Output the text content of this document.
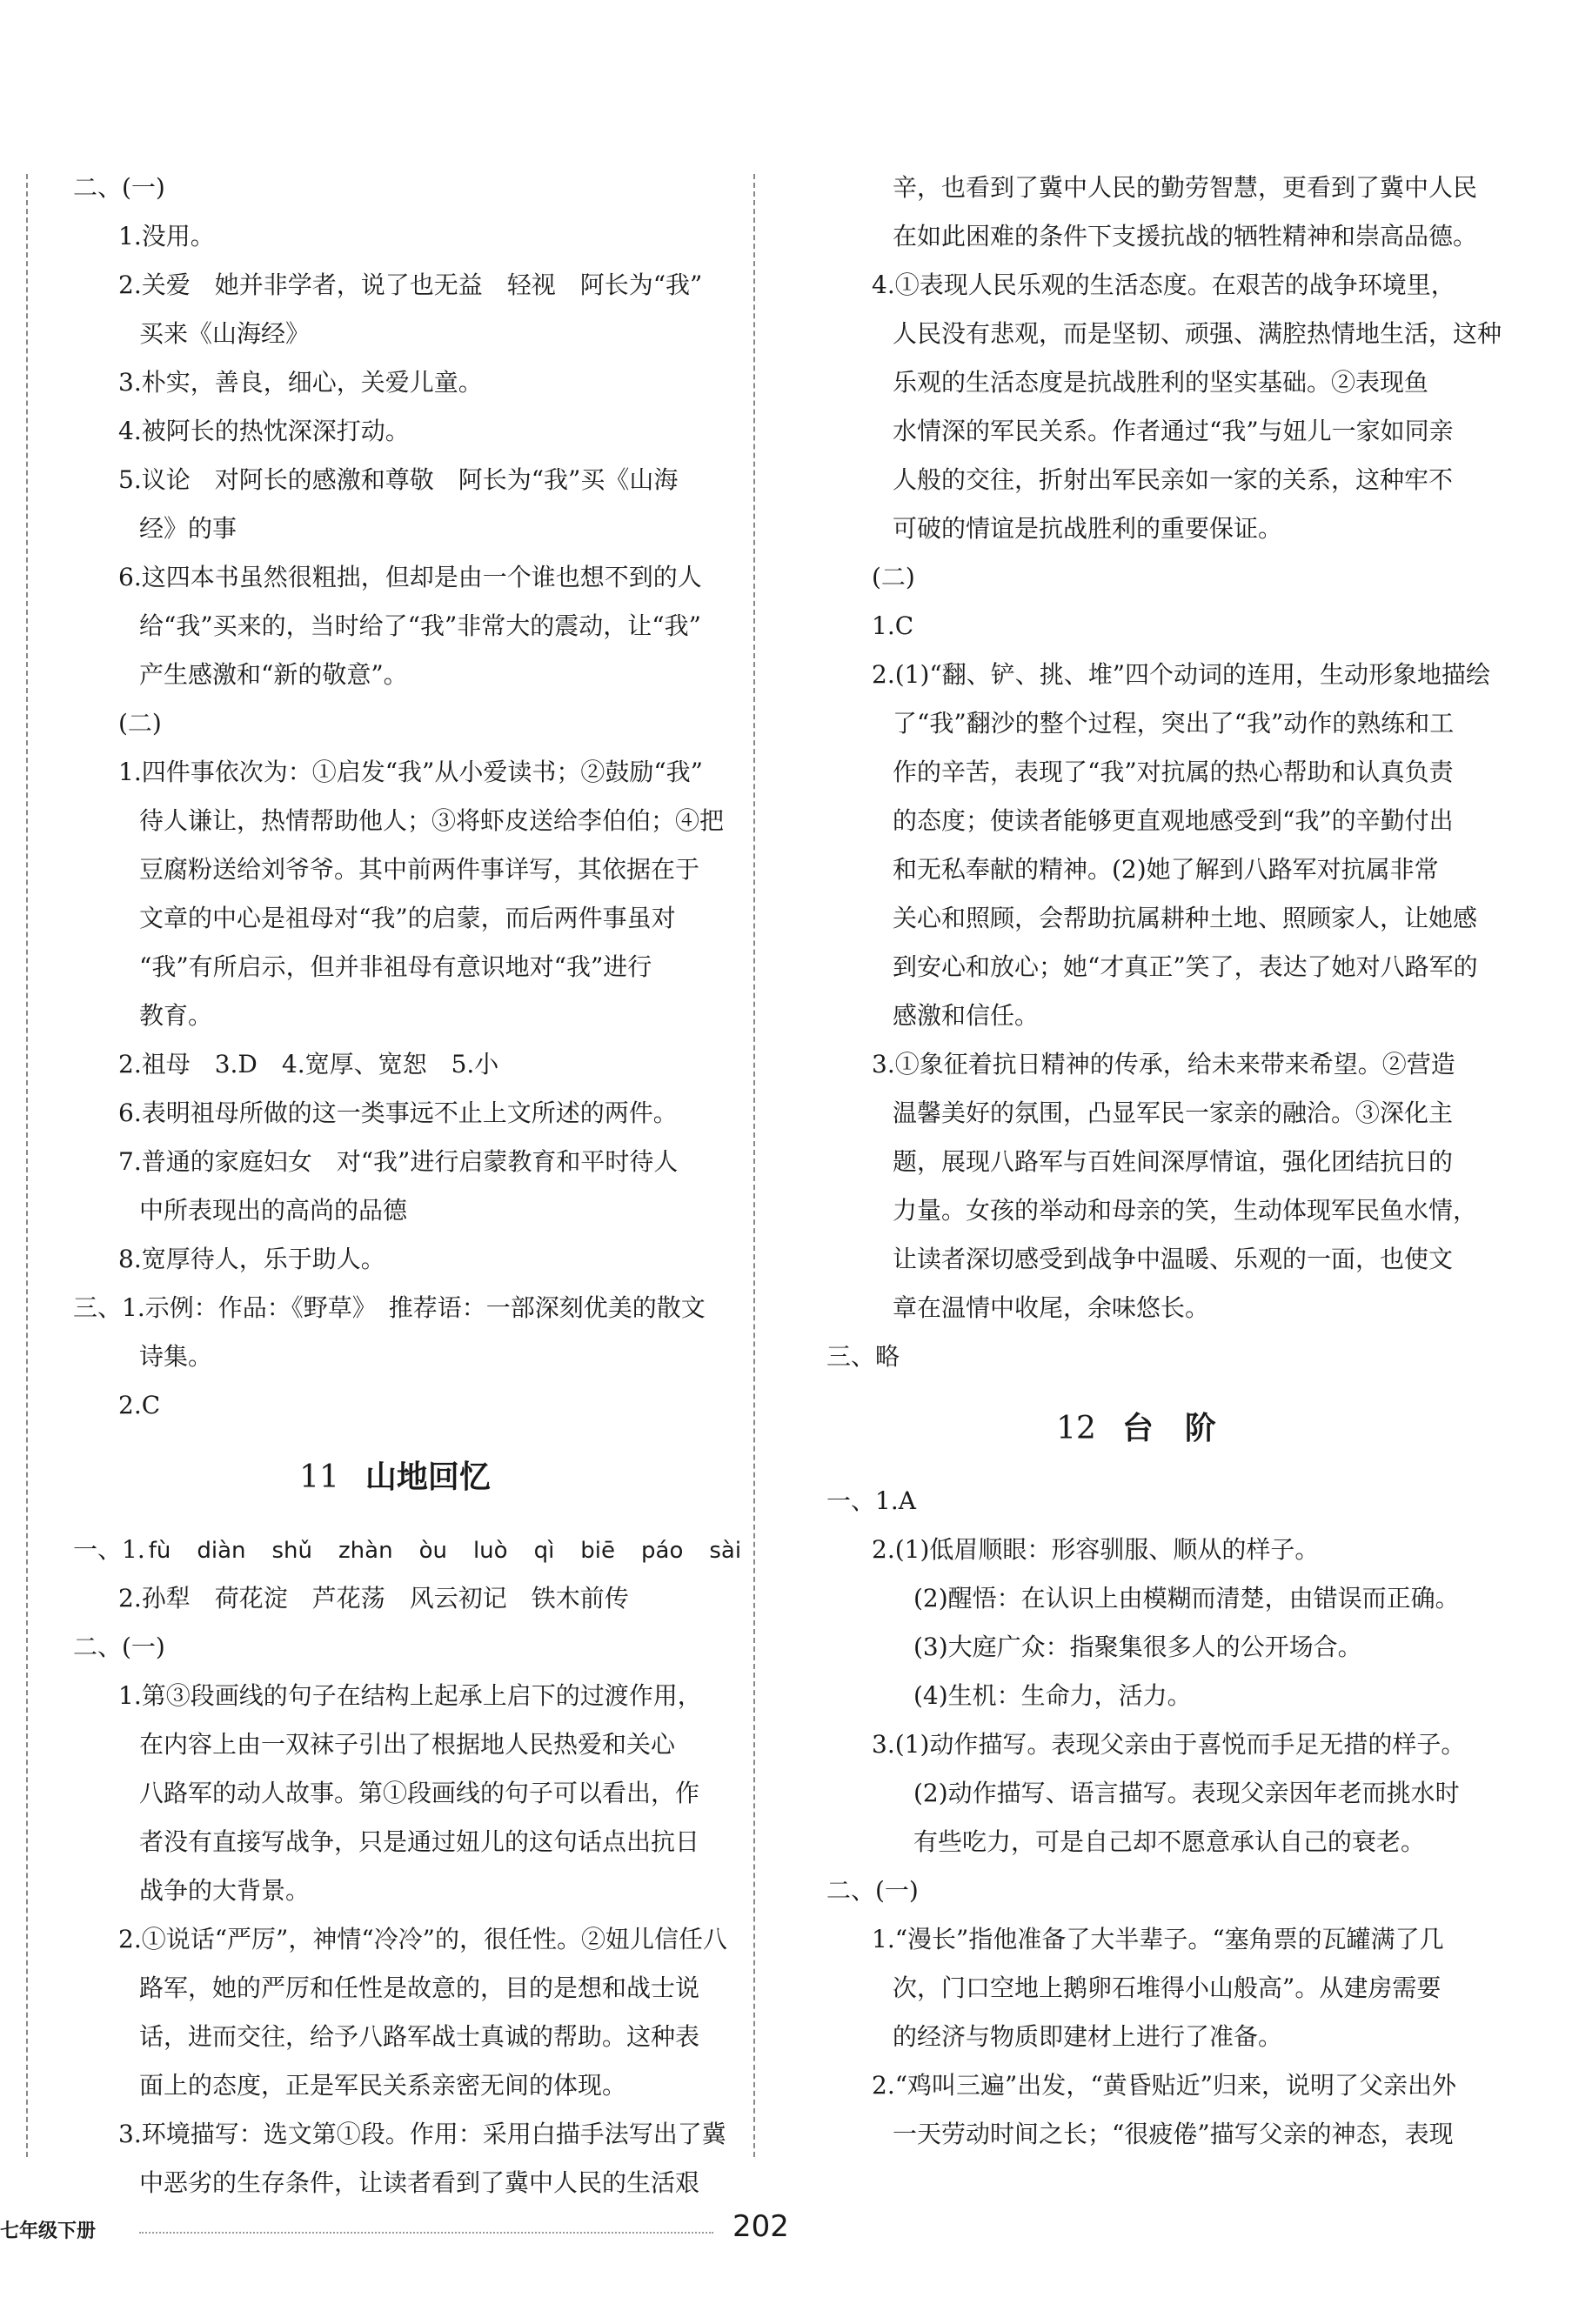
二、(一)
1.没用。
2.关爱　她并非学者，说了也无益　轻视　阿长为“我”
买来《山海经》
3.朴实，善良，细心，关爱儿童。
4.被阿长的热忱深深打动。
5.议论　对阿长的感激和尊敬　阿长为“我”买《山海
经》的事
6.这四本书虽然很粗拙，但却是由一个谁也想不到的人
给“我”买来的，当时给了“我”非常大的震动，让“我”
产生感激和“新的敬意”。
(二)
1.四件事依次为：①启发“我”从小爱读书；②鼓励“我”
待人谦让，热情帮助他人；③将虾皮送给李伯伯；④把
豆腐粉送给刘爷爷。其中前两件事详写，其依据在于
文章的中心是祖母对“我”的启蒙，而后两件事虽对
“我”有所启示，但并非祖母有意识地对“我”进行
教育。
2.祖母　3.D　4.宽厚、宽恕　5.小
6.表明祖母所做的这一类事远不止上文所述的两件。
7.普通的家庭妇女　对“我”进行启蒙教育和平时待人
中所表现出的高尚的品德
8.宽厚待人，乐于助人。
三、1.示例：作品：《野草》　推荐语：一部深刻优美的散文
诗集。
2.C
11 山地回忆
一、1. fù diàn shǔ zhàn òu luò qì biē páo sài
2.孙犁　荷花淀　芦花荡　风云初记　铁木前传
二、(一)
1.第③段画线的句子在结构上起承上启下的过渡作用，
在内容上由一双袜子引出了根据地人民热爱和关心
八路军的动人故事。第①段画线的句子可以看出，作
者没有直接写战争，只是通过妞儿的这句话点出抗日
战争的大背景。
2.①说话“严厉”，神情“冷冷”的，很任性。②妞儿信任八
路军，她的严厉和任性是故意的，目的是想和战士说
话，进而交往，给予八路军战士真诚的帮助。这种表
面上的态度，正是军民关系亲密无间的体现。
3.环境描写：选文第①段。作用：采用白描手法写出了冀
中恶劣的生存条件，让读者看到了冀中人民的生活艰
辛，也看到了冀中人民的勤劳智慧，更看到了冀中人民
在如此困难的条件下支援抗战的牺牲精神和崇高品德。
4.①表现人民乐观的生活态度。在艰苦的战争环境里，
人民没有悲观，而是坚韧、顽强、满腔热情地生活，这种
乐观的生活态度是抗战胜利的坚实基础。②表现鱼
水情深的军民关系。作者通过“我”与妞儿一家如同亲
人般的交往，折射出军民亲如一家的关系，这种牢不
可破的情谊是抗战胜利的重要保证。
(二)
1.C
2.(1)“翻、铲、挑、堆”四个动词的连用，生动形象地描绘
了“我”翻沙的整个过程，突出了“我”动作的熟练和工
作的辛苦，表现了“我”对抗属的热心帮助和认真负责
的态度；使读者能够更直观地感受到“我”的辛勤付出
和无私奉献的精神。(2)她了解到八路军对抗属非常
关心和照顾，会帮助抗属耕种土地、照顾家人，让她感
到安心和放心；她“才真正”笑了，表达了她对八路军的
感激和信任。
3.①象征着抗日精神的传承，给未来带来希望。②营造
温馨美好的氛围，凸显军民一家亲的融洽。③深化主
题，展现八路军与百姓间深厚情谊，强化团结抗日的
力量。女孩的举动和母亲的笑，生动体现军民鱼水情，
让读者深切感受到战争中温暖、乐观的一面，也使文
章在温情中收尾，余味悠长。
三、略
12 台　阶
一、1.A
2.(1)低眉顺眼：形容驯服、顺从的样子。
(2)醒悟：在认识上由模糊而清楚，由错误而正确。
(3)大庭广众：指聚集很多人的公开场合。
(4)生机：生命力，活力。
3.(1)动作描写。表现父亲由于喜悦而手足无措的样子。
(2)动作描写、语言描写。表现父亲因年老而挑水时
有些吃力，可是自己却不愿意承认自己的衰老。
二、(一)
1.“漫长”指他准备了大半辈子。“塞角票的瓦罐满了几
次，门口空地上鹅卵石堆得小山般高”。从建房需要
的经济与物质即建材上进行了准备。
2.“鸡叫三遍”出发，“黄昏贴近”归来，说明了父亲出外
一天劳动时间之长；“很疲倦”描写父亲的神态，表现
七年级下册	202
